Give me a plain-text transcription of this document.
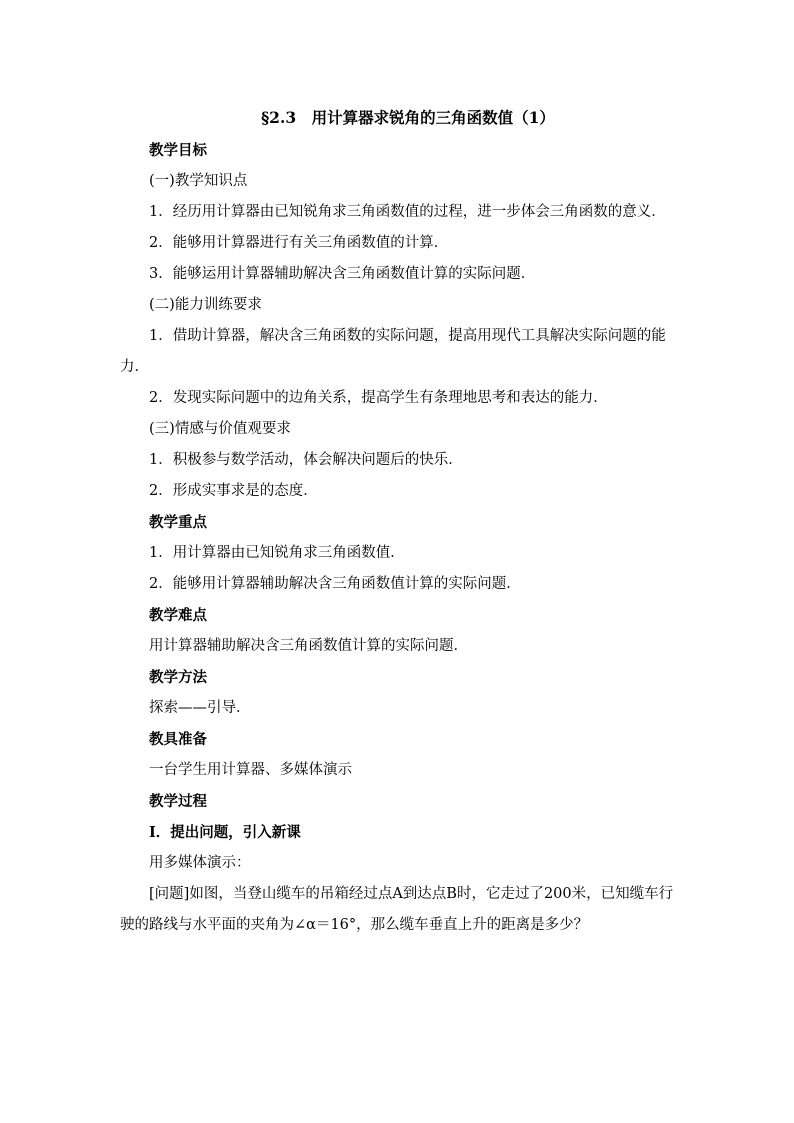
§2.3　用计算器求锐角的三角函数值（1）

教学目标

(一)教学知识点

1．经历用计算器由已知锐角求三角函数值的过程，进一步体会三角函数的意义．

2．能够用计算器进行有关三角函数值的计算．

3．能够运用计算器辅助解决含三角函数值计算的实际问题．

(二)能力训练要求

1．借助计算器，解决含三角函数的实际问题，提高用现代工具解决实际问题的能力．

2．发现实际问题中的边角关系，提高学生有条理地思考和表达的能力．

(三)情感与价值观要求

1．积极参与数学活动，体会解决问题后的快乐．

2．形成实事求是的态度．

教学重点

1．用计算器由已知锐角求三角函数值．

2．能够用计算器辅助解决含三角函数值计算的实际问题．

教学难点

用计算器辅助解决含三角函数值计算的实际问题．

教学方法

探索——引导．

教具准备

一台学生用计算器、多媒体演示

教学过程

Ⅰ．提出问题，引入新课

用多媒体演示：

[问题]如图，当登山缆车的吊箱经过点A到达点B时，它走过了200米，已知缆车行驶的路线与水平面的夹角为∠α＝16°，那么缆车垂直上升的距离是多少？
